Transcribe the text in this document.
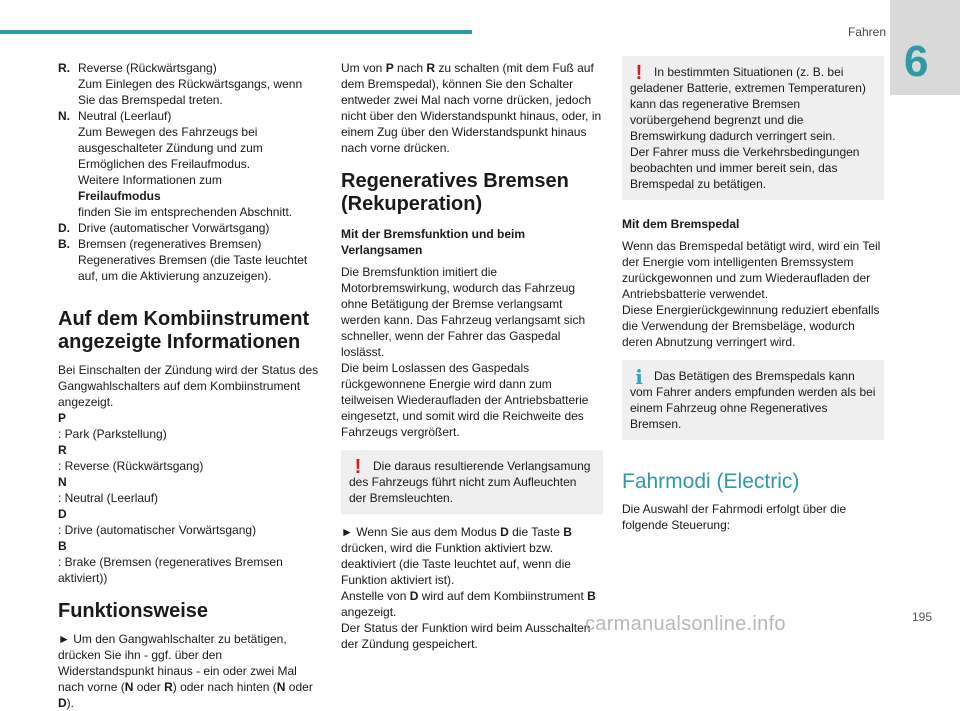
Fahren
6
R. Reverse (Rückwärtsgang)
Zum Einlegen des Rückwärtsgangs, wenn Sie das Bremspedal treten.
N. Neutral (Leerlauf)
Zum Bewegen des Fahrzeugs bei ausgeschalteter Zündung und zum Ermöglichen des Freilaufmodus.
Weitere Informationen zum
Freilaufmodus
finden Sie im entsprechenden Abschnitt.
D. Drive (automatischer Vorwärtsgang)
B. Bremsen (regeneratives Bremsen)
Regeneratives Bremsen (die Taste leuchtet auf, um die Aktivierung anzuzeigen).
Auf dem Kombiinstrument angezeigte Informationen

Bei Einschalten der Zündung wird der Status des Gangwahlschalters auf dem Kombiinstrument angezeigt.

P
: Park (Parkstellung)
R
: Reverse (Rückwärtsgang)
N
: Neutral (Leerlauf)
D
: Drive (automatischer Vorwärtsgang)
B
: Brake (Bremsen (regeneratives Bremsen aktiviert))
Funktionsweise

► Um den Gangwahlschalter zu betätigen, drücken Sie ihn - ggf. über den Widerstandspunkt hinaus - ein oder zwei Mal nach vorne (N oder R) oder nach hinten (N oder D).

Um von P nach R zu schalten (mit dem Fuß auf dem Bremspedal), können Sie den Schalter entweder zwei Mal nach vorne drücken, jedoch nicht über den Widerstandspunkt hinaus, oder, in einem Zug über den Widerstandspunkt hinaus nach vorne drücken.

Regeneratives Bremsen (Rekuperation)
Mit der Bremsfunktion und beim Verlangsamen

Die Bremsfunktion imitiert die Motorbremswirkung, wodurch das Fahrzeug ohne Betätigung der Bremse verlangsamt werden kann. Das Fahrzeug verlangsamt sich schneller, wenn der Fahrer das Gaspedal loslässt.

Die beim Loslassen des Gaspedals rückgewonnene Energie wird dann zum teilweisen Wiederaufladen der Antriebsbatterie eingesetzt, und somit wird die Reichweite des Fahrzeugs vergrößert.

! Die daraus resultierende Verlangsamung des Fahrzeugs führt nicht zum Aufleuchten der Bremsleuchten.

► Wenn Sie aus dem Modus D die Taste B drücken, wird die Funktion aktiviert bzw. deaktiviert (die Taste leuchtet auf, wenn die Funktion aktiviert ist).

Anstelle von D wird auf dem Kombiinstrument B angezeigt.

Der Status der Funktion wird beim Ausschalten der Zündung gespeichert.

! In bestimmten Situationen (z. B. bei geladener Batterie, extremen Temperaturen) kann das regenerative Bremsen vorübergehend begrenzt und die Bremswirkung dadurch verringert sein.

Der Fahrer muss die Verkehrsbedingungen beobachten und immer bereit sein, das Bremspedal zu betätigen.

Mit dem Bremspedal

Wenn das Bremspedal betätigt wird, wird ein Teil der Energie vom intelligenten Bremssystem zurückgewonnen und zum Wiederaufladen der Antriebsbatterie verwendet.

Diese Energierückgewinnung reduziert ebenfalls die Verwendung der Bremsbeläge, wodurch deren Abnutzung verringert wird.

i Das Betätigen des Bremspedals kann vom Fahrer anders empfunden werden als bei einem Fahrzeug ohne Regeneratives Bremsen.

Fahrmodi (Electric)

Die Auswahl der Fahrmodi erfolgt über die folgende Steuerung:

carmanualsonline.info	195
